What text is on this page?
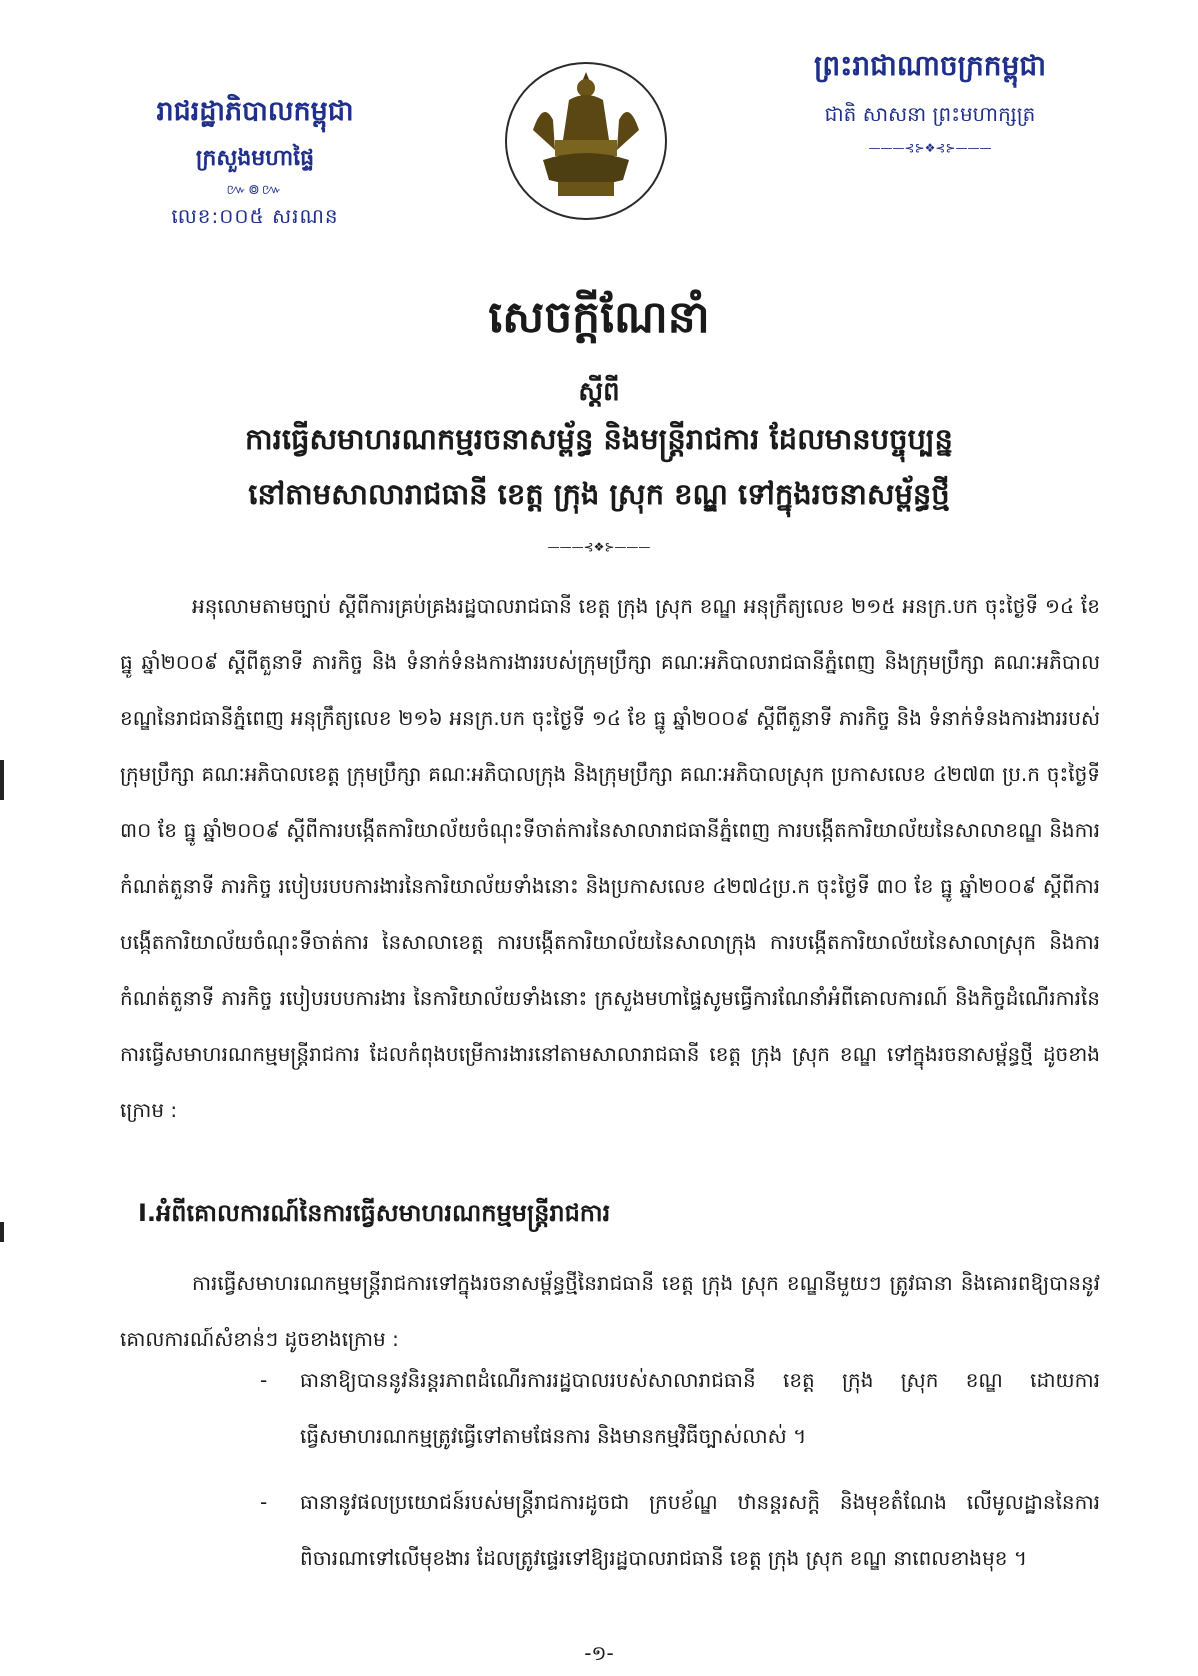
រាជរដ្ឋាភិបាលកម្ពុជា
ក្រសួងមហាផ្ទៃ
៚៙៚
លេខ:០០៥ សរណន
ព្រះរាជាណាចក្រកម្ពុជា
ជាតិ សាសនា ព្រះមហាក្សត្រ
———⊰⊱❖⊰⊱———
សេចក្តីណែនាំ
ស្តីពី
ការធ្វើសមាហរណកម្មរចនាសម្ព័ន្ធ និងមន្ត្រីរាជការ ដែលមានបច្ចុប្បន្ន
នៅតាមសាលារាជធានី ខេត្ត ក្រុង ស្រុក ខណ្ឌ ទៅក្នុងរចនាសម្ព័ន្ធថ្មី
———⊰❖⊱———
អនុលោមតាមច្បាប់ ស្តីពីការគ្រប់គ្រងរដ្ឋបាលរាជធានី ខេត្ត ក្រុង ស្រុក ខណ្ឌ អនុក្រឹត្យលេខ ២១៥ អនក្រ.បក ចុះថ្ងៃទី ១៤ ខែ ធ្នូ ឆ្នាំ២០០៩ ស្តីពីតួនាទី ភារកិច្ច និង ទំនាក់ទំនងការងាររបស់ក្រុមប្រឹក្សា គណៈអភិបាលរាជធានីភ្នំពេញ និងក្រុមប្រឹក្សា គណៈអភិបាលខណ្ឌនៃរាជធានីភ្នំពេញ អនុក្រឹត្យលេខ ២១៦ អនក្រ.បក ចុះថ្ងៃទី ១៤ ខែ ធ្នូ ឆ្នាំ២០០៩ ស្តីពីតួនាទី ភារកិច្ច និង ទំនាក់ទំនងការងាររបស់ក្រុមប្រឹក្សា គណៈអភិបាលខេត្ត ក្រុមប្រឹក្សា គណៈអភិបាលក្រុង និងក្រុមប្រឹក្សា គណៈអភិបាលស្រុក ប្រកាសលេខ ៤២៧៣ ប្រ.ក ចុះថ្ងៃទី ៣០ ខែ ធ្នូ ឆ្នាំ២០០៩ ស្តីពីការបង្កើតការិយាល័យចំណុះទីចាត់ការនៃសាលារាជធានីភ្នំពេញ ការបង្កើតការិយាល័យនៃសាលាខណ្ឌ និងការកំណត់តួនាទី ភារកិច្ច របៀបរបបការងារនៃការិយាល័យទាំងនោះ និងប្រកាសលេខ ៤២៧៤ប្រ.ក ចុះថ្ងៃទី ៣០ ខែ ធ្នូ ឆ្នាំ២០០៩ ស្តីពីការបង្កើតការិយាល័យចំណុះទីចាត់ការ នៃសាលាខេត្ត ការបង្កើតការិយាល័យនៃសាលាក្រុង ការបង្កើតការិយាល័យនៃសាលាស្រុក និងការកំណត់តួនាទី ភារកិច្ច របៀបរបបការងារ នៃការិយាល័យទាំងនោះ ក្រសួងមហាផ្ទៃសូមធ្វើការណែនាំអំពីគោលការណ៍ និងកិច្ចដំណើរការនៃការធ្វើសមាហរណកម្មមន្ត្រីរាជការ ដែលកំពុងបម្រើការងារនៅតាមសាលារាជធានី ខេត្ត ក្រុង ស្រុក ខណ្ឌ ទៅក្នុងរចនាសម្ព័ន្ធថ្មី ដូចខាងក្រោម :
I.អំពីគោលការណ៍នៃការធ្វើសមាហរណកម្មមន្ត្រីរាជការ
ការធ្វើសមាហរណកម្មមន្ត្រីរាជការទៅក្នុងរចនាសម្ព័ន្ធថ្មីនៃរាជធានី ខេត្ត ក្រុង ស្រុក ខណ្ឌនីមួយៗ ត្រូវធានា និងគោរពឱ្យបាននូវគោលការណ៍សំខាន់ៗ ដូចខាងក្រោម :
- ធានាឱ្យបាននូវនិរន្តរភាពដំណើរការរដ្ឋបាលរបស់សាលារាជធានី ខេត្ត ក្រុង ស្រុក ខណ្ឌ ដោយការធ្វើសមាហរណកម្មត្រូវធ្វើទៅតាមផែនការ និងមានកម្មវិធីច្បាស់លាស់ ។
- ធានានូវផលប្រយោជន៍របស់មន្ត្រីរាជការដូចជា ក្របខ័ណ្ឌ ឋានន្តរសក្តិ និងមុខតំណែង លើមូលដ្ឋាននៃការពិចារណាទៅលើមុខងារ ដែលត្រូវផ្ទេរទៅឱ្យរដ្ឋបាលរាជធានី ខេត្ត ក្រុង ស្រុក ខណ្ឌ នាពេលខាងមុខ ។
-១-
